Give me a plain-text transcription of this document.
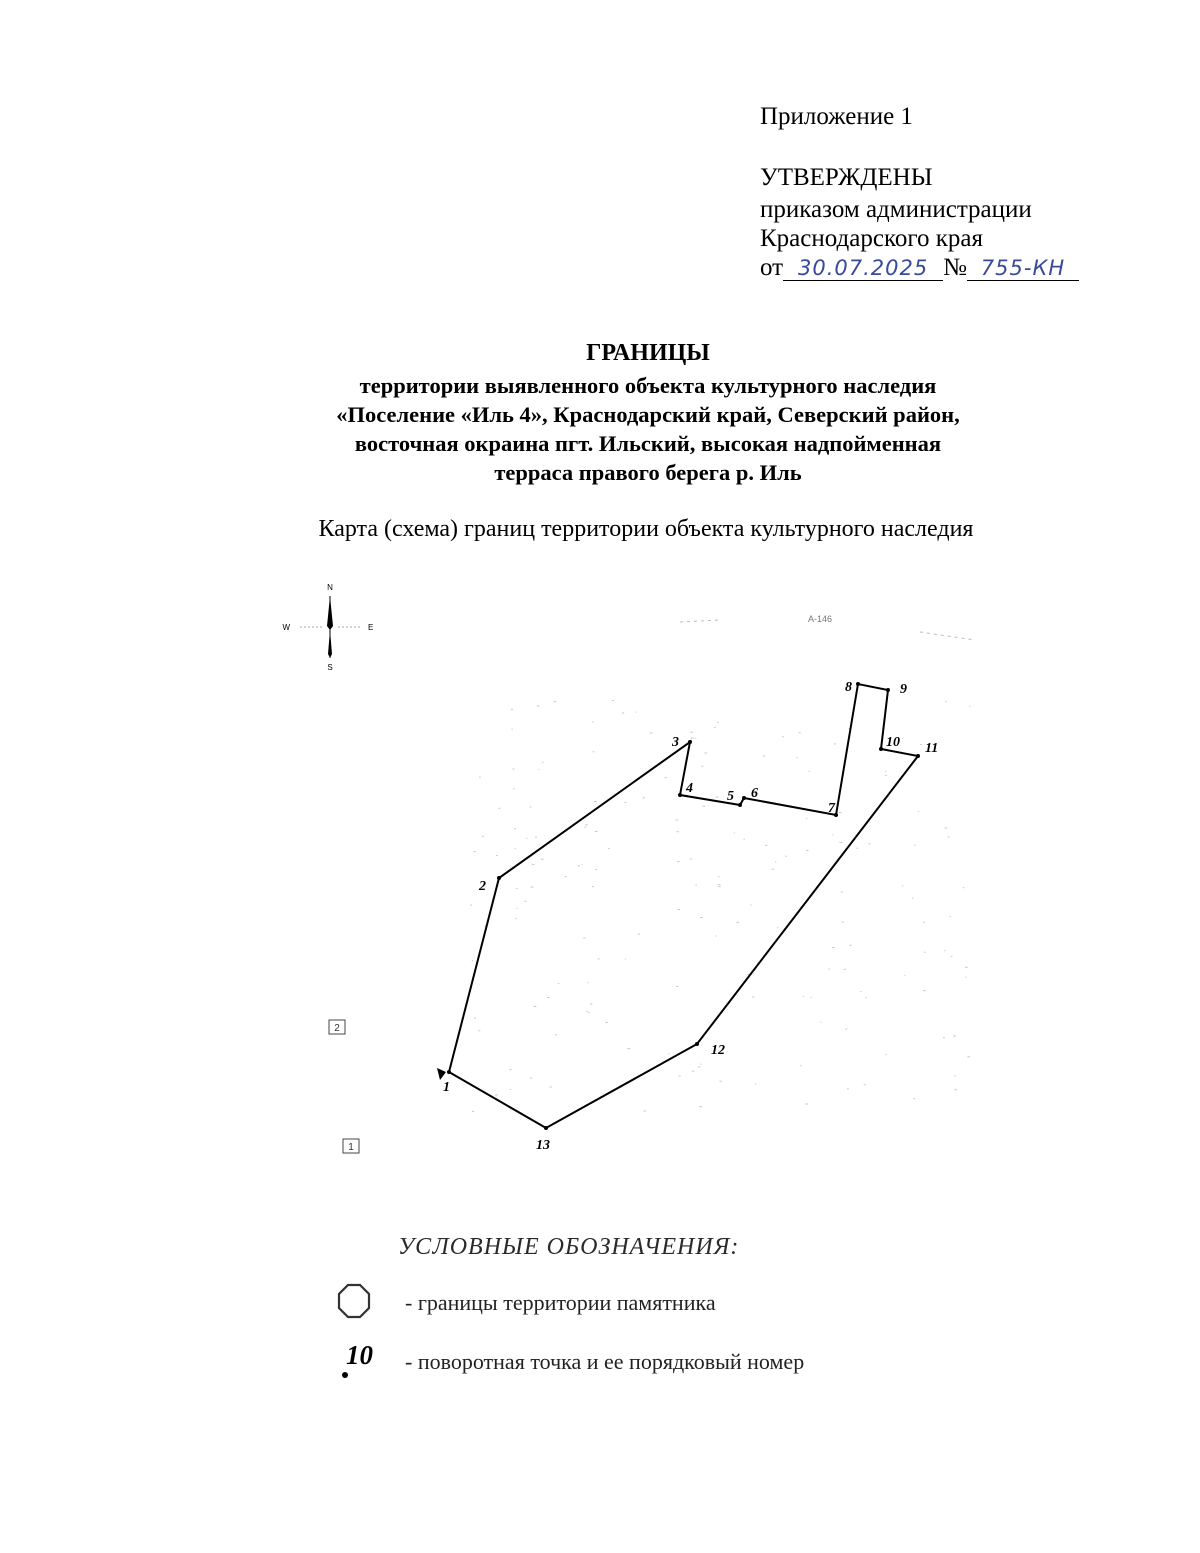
Приложение 1
УТВЕРЖДЕНЫ
приказом администрации
Краснодарского края
от 30.07.2025 № 755-КН
ГРАНИЦЫ
территории выявленного объекта культурного наследия
«Поселение «Иль 4», Краснодарский край, Северский район,
восточная окраина пгт. Ильский, высокая надпойменная
терраса правого берега р. Иль
Карта (схема) границ территории объекта культурного наследия
N
W	E
S
А-146
2
1
1
2
3
4
5 6
7
8	9
10 11
12
13
УСЛОВНЫЕ ОБОЗНАЧЕНИЯ:
- границы территории памятника
10 - поворотная точка и ее порядковый номер
